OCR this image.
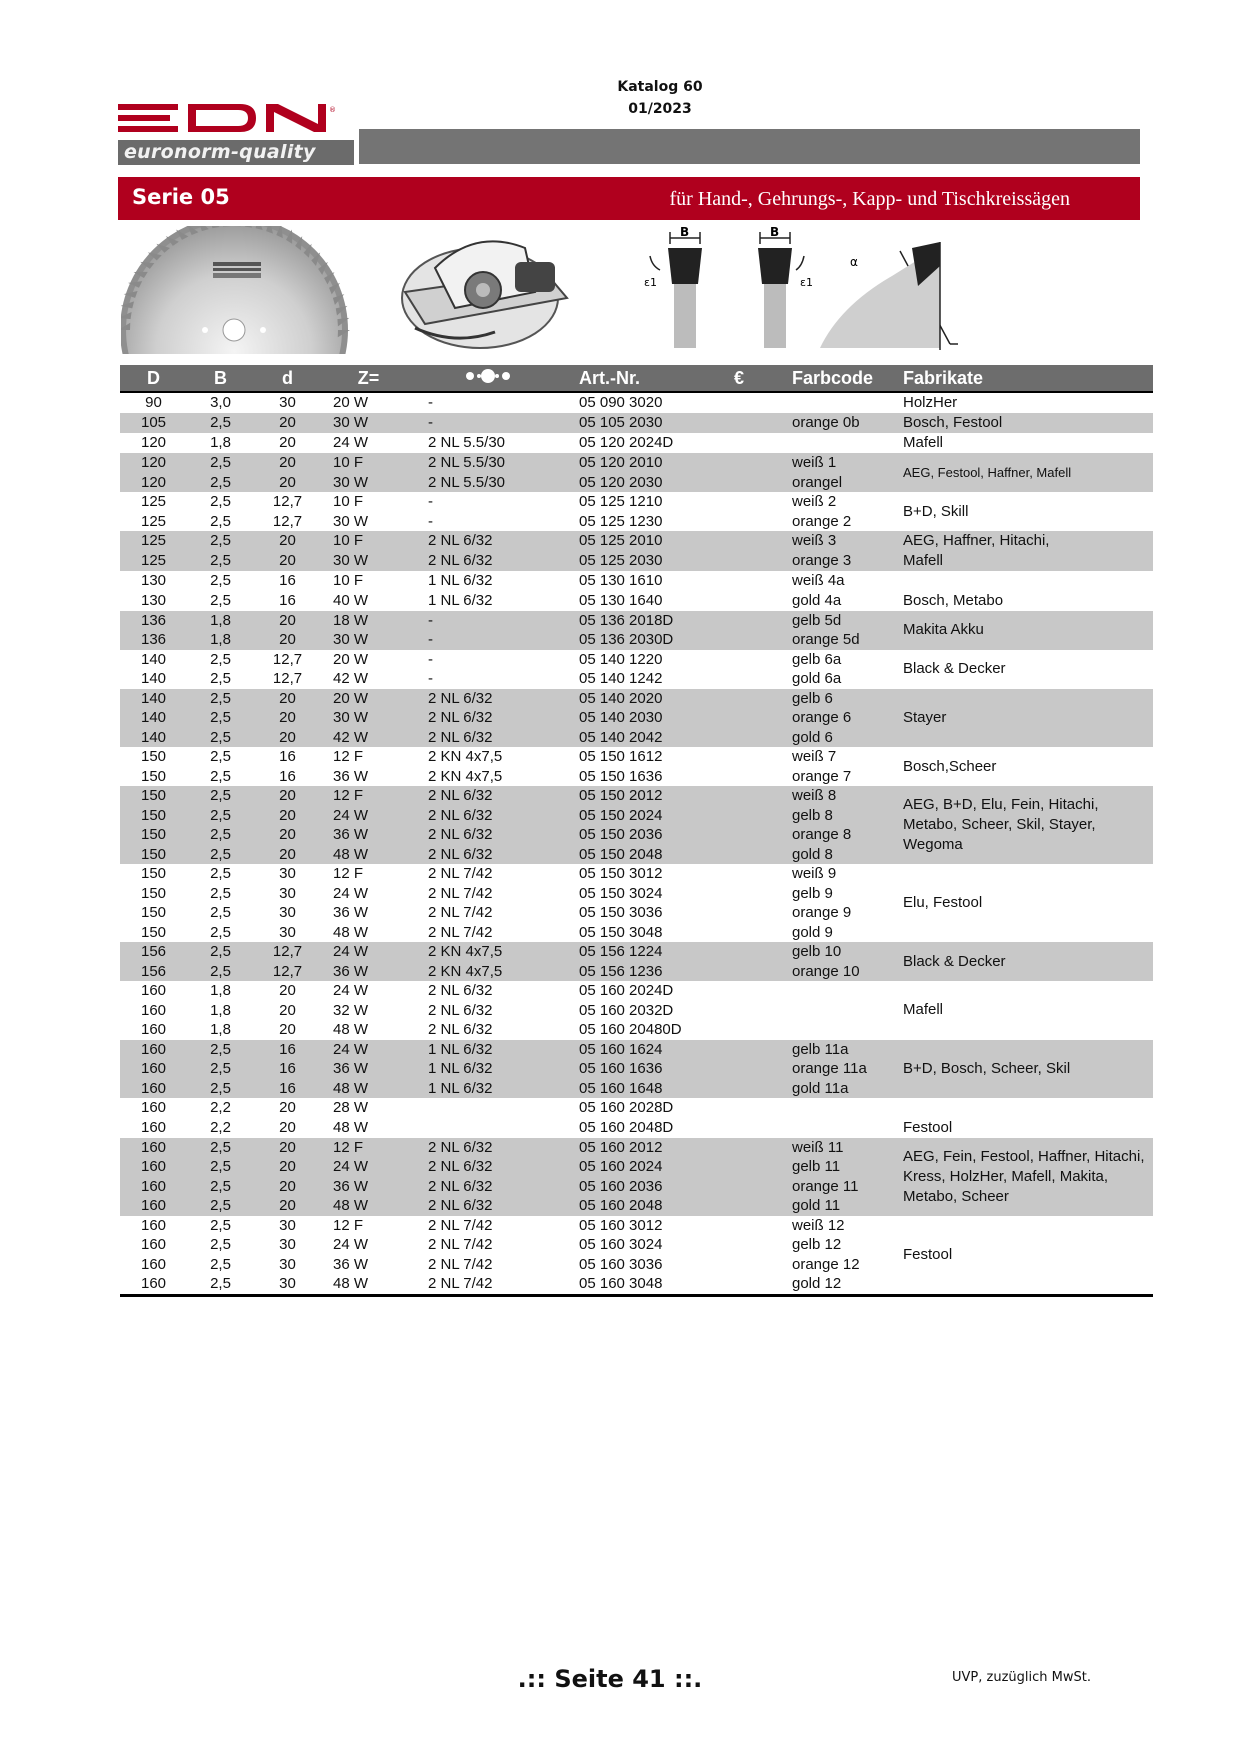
Katalog 60
01/2023
®
euronorm-quality
Serie 05	für Hand-, Gehrungs-, Kapp- und Tischkreissägen
B	B
ε1	ε1
α
D	B	d	Z=		Art.-Nr.	€	Farbcode	Fabrikate
90	3,0	30	20 W	-	05 090 3020			HolzHer
105	2,5	20	30 W	-	05 105 2030		orange 0b	Bosch, Festool
120	1,8	20	24 W	2 NL 5.5/30	05 120 2024D			Mafell
120	2,5	20	10 F	2 NL 5.5/30	05 120 2010		weiß 1	AEG, Festool, Haffner, Mafell
120	2,5	20	30 W	2 NL 5.5/30	05 120 2030		orangel	
125	2,5	12,7	10 F	-	05 125 1210		weiß 2	B+D, Skill
125	2,5	12,7	30 W	-	05 125 1230		orange 2	
125	2,5	20	10 F	2 NL 6/32	05 125 2010		weiß 3	AEG, Haffner, Hitachi,
125	2,5	20	30 W	2 NL 6/32	05 125 2030		orange 3	Mafell
130	2,5	16	10 F	1 NL 6/32	05 130 1610		weiß 4a	
130	2,5	16	40 W	1 NL 6/32	05 130 1640		gold 4a	Bosch, Metabo
136	1,8	20	18 W	-	05 136 2018D		gelb 5d	Makita Akku
136	1,8	20	30 W	-	05 136 2030D		orange 5d	
140	2,5	12,7	20 W	-	05 140 1220		gelb 6a	Black & Decker
140	2,5	12,7	42 W	-	05 140 1242		gold 6a	
140	2,5	20	20 W	2 NL 6/32	05 140 2020		gelb 6	Stayer
140	2,5	20	30 W	2 NL 6/32	05 140 2030		orange 6	
140	2,5	20	42 W	2 NL 6/32	05 140 2042		gold 6	
150	2,5	16	12 F	2 KN 4x7,5	05 150 1612		weiß 7	Bosch,Scheer
150	2,5	16	36 W	2 KN 4x7,5	05 150 1636		orange 7	
150	2,5	20	12 F	2 NL 6/32	05 150 2012		weiß 8	AEG, B+D, Elu, Fein, Hitachi, Metabo, Scheer, Skil, Stayer, Wegoma
150	2,5	20	24 W	2 NL 6/32	05 150 2024		gelb 8	
150	2,5	20	36 W	2 NL 6/32	05 150 2036		orange 8	
150	2,5	20	48 W	2 NL 6/32	05 150 2048		gold 8	
150	2,5	30	12 F	2 NL 7/42	05 150 3012		weiß 9	Elu, Festool
150	2,5	30	24 W	2 NL 7/42	05 150 3024		gelb 9	
150	2,5	30	36 W	2 NL 7/42	05 150 3036		orange 9	
150	2,5	30	48 W	2 NL 7/42	05 150 3048		gold 9	
156	2,5	12,7	24 W	2 KN 4x7,5	05 156 1224		gelb 10	Black & Decker
156	2,5	12,7	36 W	2 KN 4x7,5	05 156 1236		orange 10	
160	1,8	20	24 W	2 NL 6/32	05 160 2024D			Mafell
160	1,8	20	32 W	2 NL 6/32	05 160 2032D			
160	1,8	20	48 W	2 NL 6/32	05 160 20480D			
160	2,5	16	24 W	1 NL 6/32	05 160 1624		gelb 11a	B+D, Bosch, Scheer, Skil
160	2,5	16	36 W	1 NL 6/32	05 160 1636		orange 11a	
160	2,5	16	48 W	1 NL 6/32	05 160 1648		gold 11a	
160	2,2	20	28 W		05 160 2028D			
160	2,2	20	48 W		05 160 2048D			Festool
160	2,5	20	12 F	2 NL 6/32	05 160 2012		weiß 11	AEG, Fein, Festool, Haffner, Hitachi, Kress, HolzHer, Mafell, Makita, Metabo, Scheer
160	2,5	20	24 W	2 NL 6/32	05 160 2024		gelb 11	
160	2,5	20	36 W	2 NL 6/32	05 160 2036		orange 11	
160	2,5	20	48 W	2 NL 6/32	05 160 2048		gold 11	
160	2,5	30	12 F	2 NL 7/42	05 160 3012		weiß 12	Festool
160	2,5	30	24 W	2 NL 7/42	05 160 3024		gelb 12	
160	2,5	30	36 W	2 NL 7/42	05 160 3036		orange 12	
160	2,5	30	48 W	2 NL 7/42	05 160 3048		gold 12	
.:: Seite 41 ::.	UVP, zuzüglich MwSt.
